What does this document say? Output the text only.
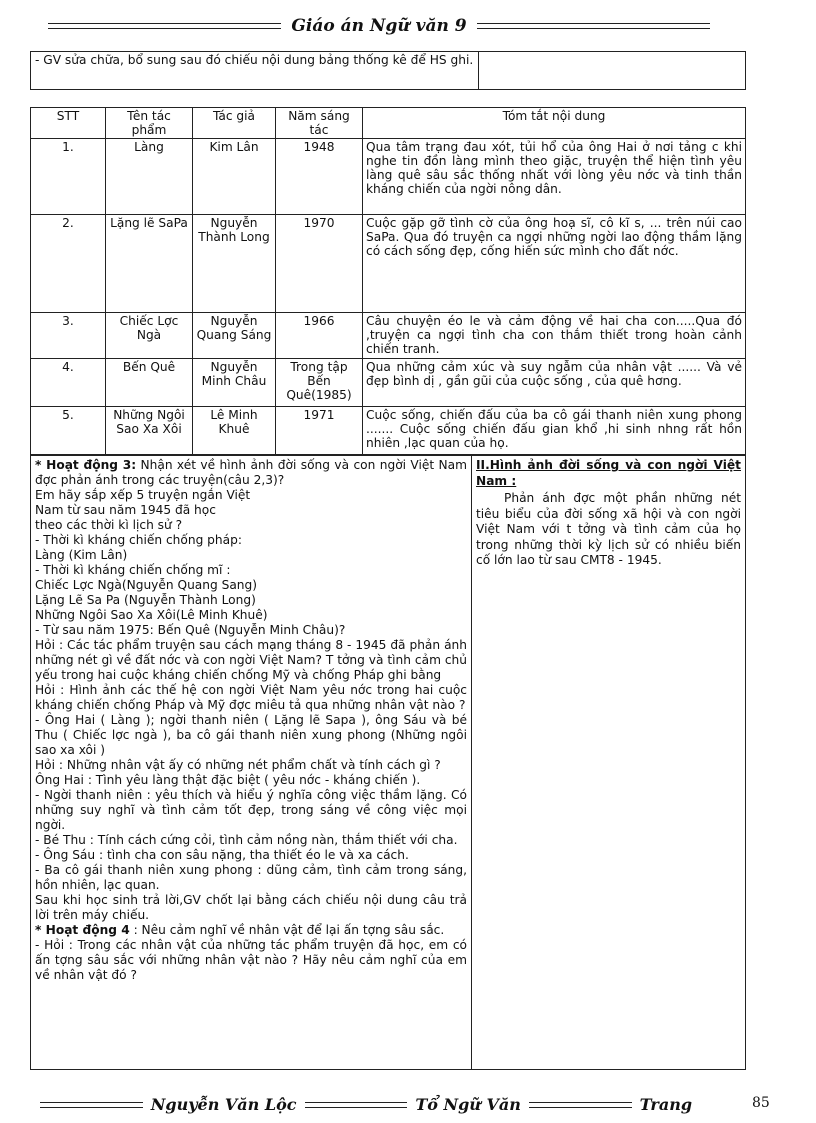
Giáo án Ngữ văn 9
- GV sửa chữa, bổ sung sau đó chiếu nội dung bảng thống kê để HS ghi.	
STT	Tên tác phẩm	Tác giả	Năm sáng tác	Tóm tắt nội dung
1.	Làng	Kim Lân	1948	Qua tâm trạng đau xót, tủi hổ của ông Hai ở nơi tảng c khi nghe tin đồn làng mình theo giặc, truyện thể hiện tình yêu làng quê sâu sắc thống nhất với lòng yêu nớc và tinh thần kháng chiến của ngời nông dân.
2.	Lặng lẽ SaPa	Nguyễn Thành Long	1970	Cuộc gặp gỡ tình cờ của ông hoạ sĩ, cô kĩ s, ... trên núi cao SaPa. Qua đó truyện ca ngợi những ngời lao động thầm lặng có cách sống đẹp, cống hiến sức mình cho đất nớc.
3.	Chiếc Lợc Ngà	Nguyễn Quang Sáng	1966	Câu chuyện éo le và cảm động về hai cha con.....Qua đó ,truyện ca ngợi tình cha con thắm thiết trong hoàn cảnh chiến tranh.
4.	Bến Quê	Nguyễn Minh Châu	Trong tập Bến Quê(1985)	Qua những cảm xúc và suy ngẫm của nhân vật ...... Và vẻ đẹp bình dị , gần gũi của cuộc sống , của quê hơng.
5.	Những Ngôi Sao Xa Xôi	Lê Minh Khuê	1971	Cuộc sống, chiến đấu của ba cô gái thanh niên xung phong ....... Cuộc sống chiến đấu gian khổ ,hi sinh nhng rất hồn nhiên ,lạc quan của họ.

* Hoạt động 3: Nhận xét về hình ảnh đời sống và con ngời Việt Nam đợc phản ánh trong các truyện(câu 2,3)?

Em hãy sắp xếp 5 truyện ngắn Việt

Nam từ sau năm 1945 đã học

theo các thời kì lịch sử ?

- Thời kì kháng chiến chống pháp:

Làng (Kim Lân)

- Thời kì kháng chiến chống mĩ :

Chiếc Lợc Ngà(Nguyễn Quang Sang)

Lặng Lẽ Sa Pa (Nguyễn Thành Long)

Những Ngôi Sao Xa Xôi(Lê Minh Khuê)

- Từ sau năm 1975: Bến Quê (Nguyễn Minh Châu)?

Hỏi : Các tác phẩm truyện sau cách mạng tháng 8 - 1945 đã phản ánh những nét gì về đất nớc và con ngời Việt Nam? T tởng và tình cảm chủ yếu trong hai cuộc kháng chiến chống Mỹ và chống Pháp ghi bằng

Hỏi : Hình ảnh các thế hệ con ngời Việt Nam yêu nớc trong hai cuộc kháng chiến chống Pháp và Mỹ đợc miêu tả qua những nhân vật nào ?

- Ông Hai ( Làng ); ngời thanh niên ( Lặng lẽ Sapa ), ông Sáu và bé Thu ( Chiếc lợc ngà ), ba cô gái thanh niên xung phong (Những ngôi sao xa xôi )

Hỏi : Những nhân vật ấy có những nét phẩm chất và tính cách gì ?

Ông Hai : Tình yêu làng thật đặc biệt ( yêu nớc - kháng chiến ).

- Ngời thanh niên : yêu thích và hiểu ý nghĩa công việc thầm lặng. Có những suy nghĩ và tình cảm tốt đẹp, trong sáng về công việc mọi ngời.

- Bé Thu : Tính cách cứng cỏi, tình cảm nồng nàn, thắm thiết với cha.

- Ông Sáu : tình cha con sâu nặng, tha thiết éo le và xa cách.

- Ba cô gái thanh niên xung phong : dũng cảm, tình cảm trong sáng, hồn nhiên, lạc quan.

Sau khi học sinh trả lời,GV chốt lại bằng cách chiếu nội dung câu trả lời trên máy chiếu.

* Hoạt động 4 : Nêu cảm nghĩ về nhân vật để lại ấn tợng sâu sắc.

- Hỏi : Trong các nhân vật của những tác phẩm truyện đã học, em có ấn tợng sâu sắc với những nhân vật nào ? Hãy nêu cảm nghĩ của em về nhân vật đó ?

II.Hình ảnh đời sống và con ngời Việt Nam :

Phản ánh đợc một phần những nét tiêu biểu của đời sống xã hội và con ngời Việt Nam với t tởng và tình cảm của họ trong những thời kỳ lịch sử có nhiều biến cố lớn lao từ sau CMT8 - 1945.

Nguyễn Văn Lộc	Tổ Ngữ Văn	Trang	85
